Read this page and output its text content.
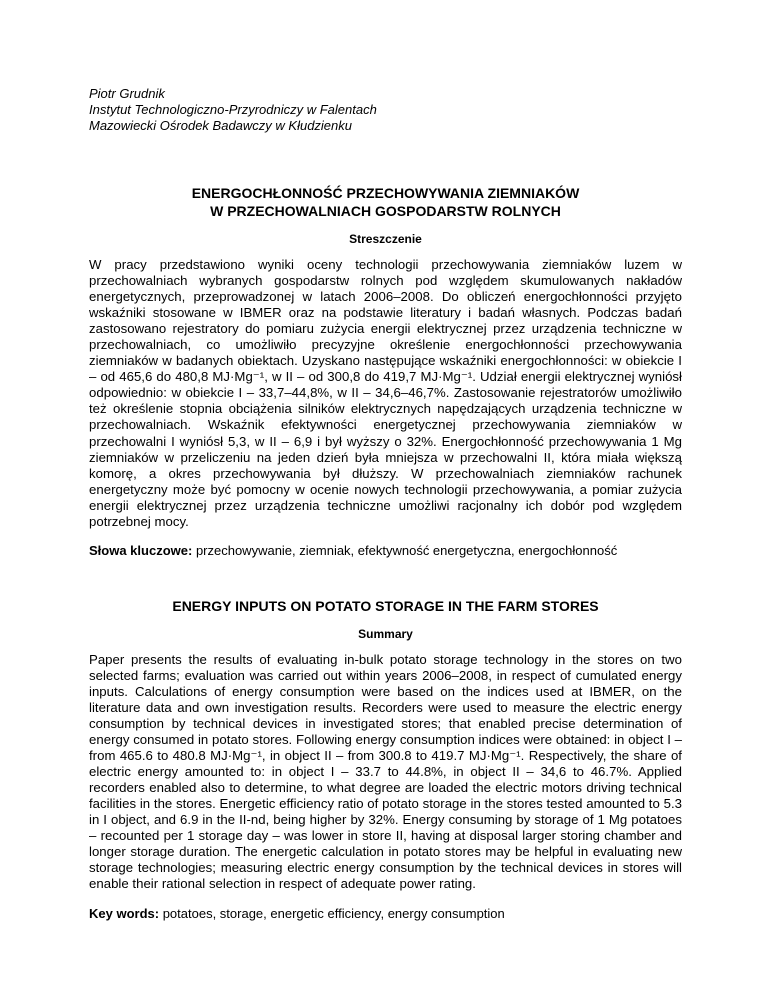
Piotr Grudnik
Instytut Technologiczno-Przyrodniczy w Falentach
Mazowiecki Ośrodek Badawczy w Kłudzienku
ENERGOCHŁONNOŚĆ PRZECHOWYWANIA ZIEMNIAKÓW
W PRZECHOWALNIACH GOSPODARSTW ROLNYCH
Streszczenie
W pracy przedstawiono wyniki oceny technologii przechowywania ziemniaków luzem w przechowalniach wybranych gospodarstw rolnych pod względem skumulowanych nakładów energetycznych, przeprowadzonej w latach 2006–2008. Do obliczeń energochłonności przyjęto wskaźniki stosowane w IBMER oraz na podstawie literatury i badań własnych. Podczas badań zastosowano rejestratory do pomiaru zużycia energii elektrycznej przez urządzenia techniczne w przechowalniach, co umożliwiło precyzyjne określenie energochłonności przechowywania ziemniaków w badanych obiektach. Uzyskano następujące wskaźniki energochłonności: w obiekcie I – od 465,6 do 480,8 MJ·Mg⁻¹, w II – od 300,8 do 419,7 MJ·Mg⁻¹. Udział energii elektrycznej wyniósł odpowiednio: w obiekcie I – 33,7–44,8%, w II – 34,6–46,7%. Zastosowanie rejestratorów umożliwiło też określenie stopnia obciążenia silników elektrycznych napędzających urządzenia techniczne w przechowalniach. Wskaźnik efektywności energetycznej przechowywania ziemniaków w przechowalni I wyniósł 5,3, w II – 6,9 i był wyższy o 32%. Energochłonność przechowywania 1 Mg ziemniaków w przeliczeniu na jeden dzień była mniejsza w przechowalni II, która miała większą komorę, a okres przechowywania był dłuższy. W przechowalniach ziemniaków rachunek energetyczny może być pomocny w ocenie nowych technologii przechowywania, a pomiar zużycia energii elektrycznej przez urządzenia techniczne umożliwi racjonalny ich dobór pod względem potrzebnej mocy.
Słowa kluczowe: przechowywanie, ziemniak, efektywność energetyczna, energochłonność
ENERGY INPUTS ON POTATO STORAGE IN THE FARM STORES
Summary
Paper presents the results of evaluating in-bulk potato storage technology in the stores on two selected farms; evaluation was carried out within years 2006–2008, in respect of cumulated energy inputs. Calculations of energy consumption were based on the indices used at IBMER, on the literature data and own investigation results. Recorders were used to measure the electric energy consumption by technical devices in investigated stores; that enabled precise determination of energy consumed in potato stores. Following energy consumption indices were obtained: in object I – from 465.6 to 480.8 MJ·Mg⁻¹, in object II – from 300.8 to 419.7 MJ·Mg⁻¹. Respectively, the share of electric energy amounted to: in object I – 33.7 to 44.8%, in object II – 34,6 to 46.7%. Applied recorders enabled also to determine, to what degree are loaded the electric motors driving technical facilities in the stores. Energetic efficiency ratio of potato storage in the stores tested amounted to 5.3 in I object, and 6.9 in the II-nd, being higher by 32%. Energy consuming by storage of 1 Mg potatoes – recounted per 1 storage day – was lower in store II, having at disposal larger storing chamber and longer storage duration. The energetic calculation in potato stores may be helpful in evaluating new storage technologies; measuring electric energy consumption by the technical devices in stores will enable their rational selection in respect of adequate power rating.
Key words: potatoes, storage, energetic efficiency, energy consumption
